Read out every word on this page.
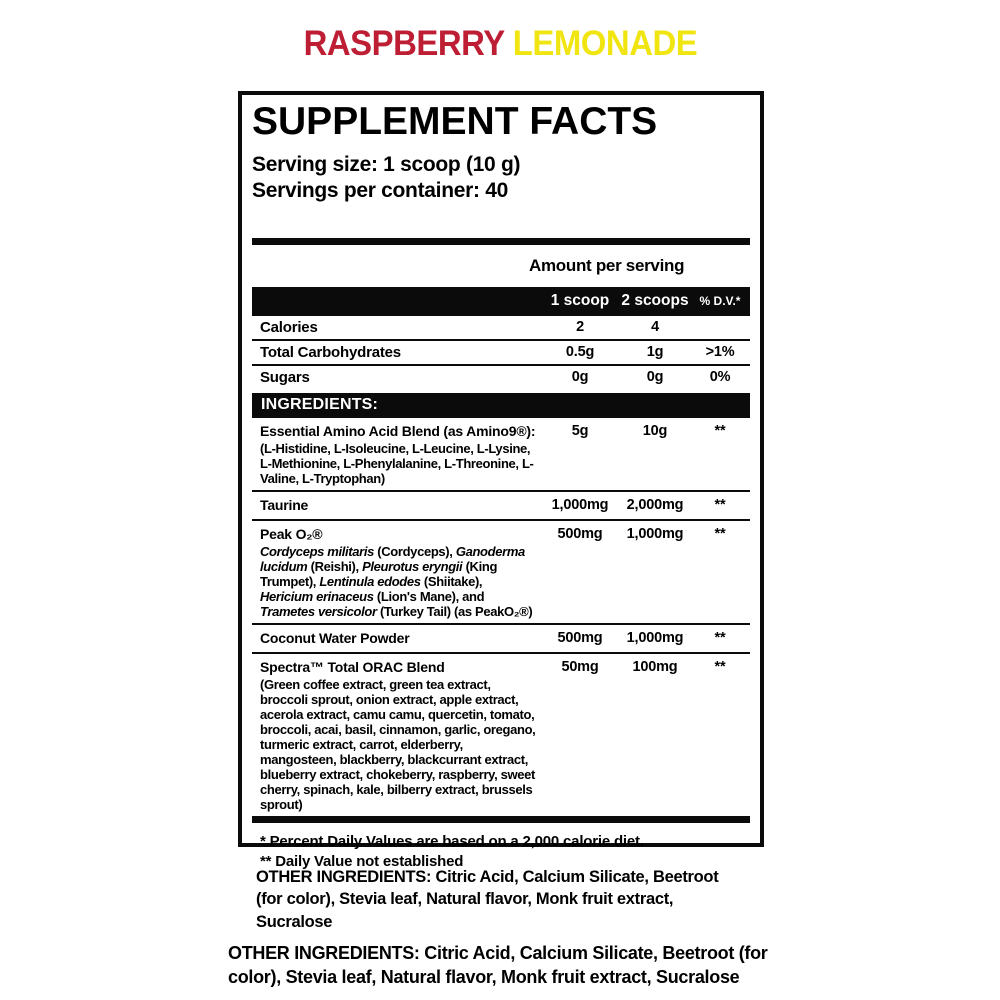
RASPBERRY LEMONADE
SUPPLEMENT FACTS
Serving size: 1 scoop (10 g)
Servings per container: 40
Amount per serving
1 scoop 2 scoops % D.V.*
Calories	2	4
Total Carbohydrates	0.5g	1g	>1%
Sugars	0g	0g	0%
INGREDIENTS:
Essential Amino Acid Blend (as Amino9®):
(L-Histidine, L-Isoleucine, L-Leucine, L-Lysine, L-Methionine, L-Phenylalanine, L-Threonine, L-Valine, L-Tryptophan)
5g	10g	**
Taurine	1,000mg	2,000mg	**
Peak O₂®
Cordyceps militaris (Cordyceps), Ganoderma lucidum (Reishi), Pleurotus eryngii (King Trumpet), Lentinula edodes (Shiitake), Hericium erinaceus (Lion's Mane), and Trametes versicolor (Turkey Tail) (as PeakO₂®)
500mg	1,000mg	**
Coconut Water Powder	500mg	1,000mg	**
Spectra™ Total ORAC Blend
(Green coffee extract, green tea extract, broccoli sprout, onion extract, apple extract, acerola extract, camu camu, quercetin, tomato, broccoli, acai, basil, cinnamon, garlic, oregano, turmeric extract, carrot, elderberry, mangosteen, blackberry, blackcurrant extract, blueberry extract, chokeberry, raspberry, sweet cherry, spinach, kale, bilberry extract, brussels sprout)
50mg	100mg	**
* Percent Daily Values are based on a 2,000 calorie diet.
** Daily Value not established
OTHER INGREDIENTS: Citric Acid, Calcium Silicate, Beetroot (for color), Stevia leaf, Natural flavor, Monk fruit extract, Sucralose
OTHER INGREDIENTS: Citric Acid, Calcium Silicate, Beetroot (for color), Stevia leaf, Natural flavor, Monk fruit extract, Sucralose
